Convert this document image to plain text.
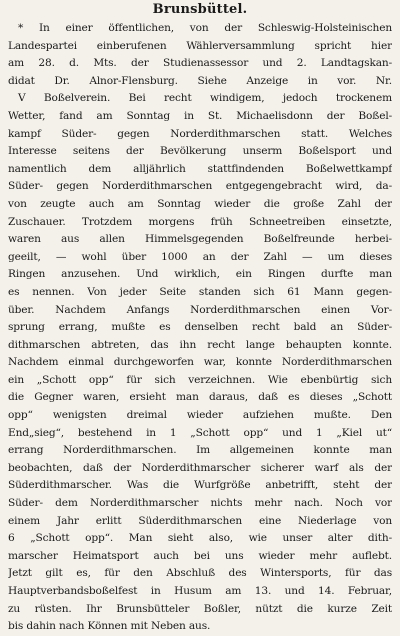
Brunsbüttel.
* In einer öffentlichen, von der Schleswig-Holsteinischen
Landespartei einberufenen Wählerversammlung spricht hier
am 28. d. Mts. der Studienassessor und 2. Landtagskan-
didat Dr. Alnor-Flensburg. Siehe Anzeige in vor. Nr.
V Boßelverein. Bei recht windigem, jedoch trockenem
Wetter, fand am Sonntag in St. Michaelisdonn der Boßel-
kampf Süder- gegen Norderdithmarschen statt. Welches
Interesse seitens der Bevölkerung unserm Boßelsport und
namentlich dem alljährlich stattfindenden Boßelwettkampf
Süder- gegen Norderdithmarschen entgegengebracht wird, da-
von zeugte auch am Sonntag wieder die große Zahl der
Zuschauer. Trotzdem morgens früh Schneetreiben einsetzte,
waren aus allen Himmelsgegenden Boßelfreunde herbei-
geeilt, — wohl über 1000 an der Zahl — um dieses
Ringen anzusehen. Und wirklich, ein Ringen durfte man
es nennen. Von jeder Seite standen sich 61 Mann gegen-
über. Nachdem Anfangs Norderdithmarschen einen Vor-
sprung errang, mußte es denselben recht bald an Süder-
dithmarschen abtreten, das ihn recht lange behaupten konnte.
Nachdem einmal durchgeworfen war, konnte Norderdithmarschen
ein „Schott opp“ für sich verzeichnen. Wie ebenbürtig sich
die Gegner waren, ersieht man daraus, daß es dieses „Schott
opp“ wenigsten dreimal wieder aufziehen mußte. Den
End„sieg“, bestehend in 1 „Schott opp“ und 1 „Kiel ut“
errang Norderdithmarschen. Im allgemeinen konnte man
beobachten, daß der Norderdithmarscher sicherer warf als der
Süderdithmarscher. Was die Wurfgröße anbetrifft, steht der
Süder- dem Norderdithmarscher nichts mehr nach. Noch vor
einem Jahr erlitt Süderdithmarschen eine Niederlage von
6 „Schott opp“. Man sieht also, wie unser alter dith-
marscher Heimatsport auch bei uns wieder mehr auflebt.
Jetzt gilt es, für den Abschluß des Wintersports, für das
Hauptverbandsboßelfest in Husum am 13. und 14. Februar,
zu rüsten. Ihr Brunsbütteler Boßler, nützt die kurze Zeit
bis dahin nach Können mit Neben aus.
